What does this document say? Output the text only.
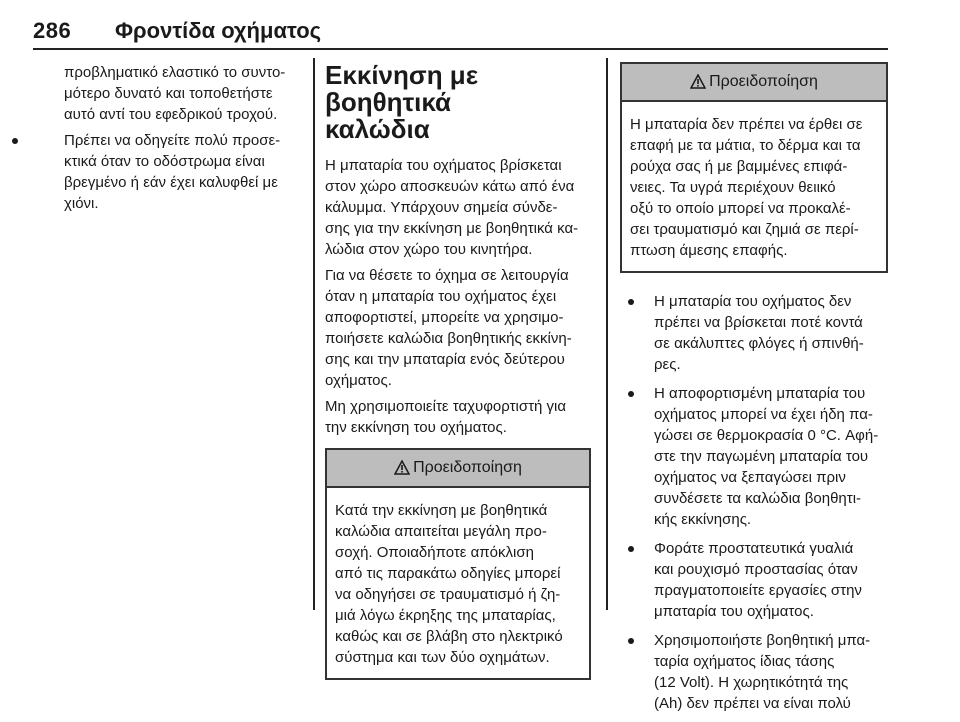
286 Φροντίδα οχήματος

προβληματικό ελαστικό το συντο-

μότερο δυνατό και τοποθετήστε

αυτό αντί του εφεδρικού τροχού.

Πρέπει να οδηγείτε πολύ προσε-

κτικά όταν το οδόστρωμα είναι

βρεγμένο ή εάν έχει καλυφθεί με

χιόνι.

Εκκίνηση με βοηθητικά
καλώδια

Η μπαταρία του οχήματος βρίσκεται

στον χώρο αποσκευών κάτω από ένα

κάλυμμα. Υπάρχουν σημεία σύνδε-

σης για την εκκίνηση με βοηθητικά κα-

λώδια στον χώρο του κινητήρα.

Για να θέσετε το όχημα σε λειτουργία

όταν η μπαταρία του οχήματος έχει

αποφορτιστεί, μπορείτε να χρησιμο-

ποιήσετε καλώδια βοηθητικής εκκίνη-

σης και την μπαταρία ενός δεύτερου

οχήματος.

Μη χρησιμοποιείτε ταχυφορτιστή για

την εκκίνηση του οχήματος.

Προειδοποίηση

Κατά την εκκίνηση με βοηθητικά

καλώδια απαιτείται μεγάλη προ-

σοχή. Οποιαδήποτε απόκλιση

από τις παρακάτω οδηγίες μπορεί

να οδηγήσει σε τραυματισμό ή ζη-

μιά λόγω έκρηξης της μπαταρίας,

καθώς και σε βλάβη στο ηλεκτρικό

σύστημα και των δύο οχημάτων.

Προειδοποίηση

Η μπαταρία δεν πρέπει να έρθει σε

επαφή με τα μάτια, το δέρμα και τα

ρούχα σας ή με βαμμένες επιφά-

νειες. Τα υγρά περιέχουν θειικό

οξύ το οποίο μπορεί να προκαλέ-

σει τραυματισμό και ζημιά σε περί-

πτωση άμεσης επαφής.

Η μπαταρία του οχήματος δεν

πρέπει να βρίσκεται ποτέ κοντά

σε ακάλυπτες φλόγες ή σπινθή-

ρες.

Η αποφορτισμένη μπαταρία του

οχήματος μπορεί να έχει ήδη πα-

γώσει σε θερμοκρασία 0 °C. Αφή-

στε την παγωμένη μπαταρία του

οχήματος να ξεπαγώσει πριν

συνδέσετε τα καλώδια βοηθητι-

κής εκκίνησης.

Φοράτε προστατευτικά γυαλιά

και ρουχισμό προστασίας όταν

πραγματοποιείτε εργασίες στην

μπαταρία του οχήματος.

Χρησιμοποιήστε βοηθητική μπα-

ταρία οχήματος ίδιας τάσης

(12 Volt). Η χωρητικότητά της

(Ah) δεν πρέπει να είναι πολύ
